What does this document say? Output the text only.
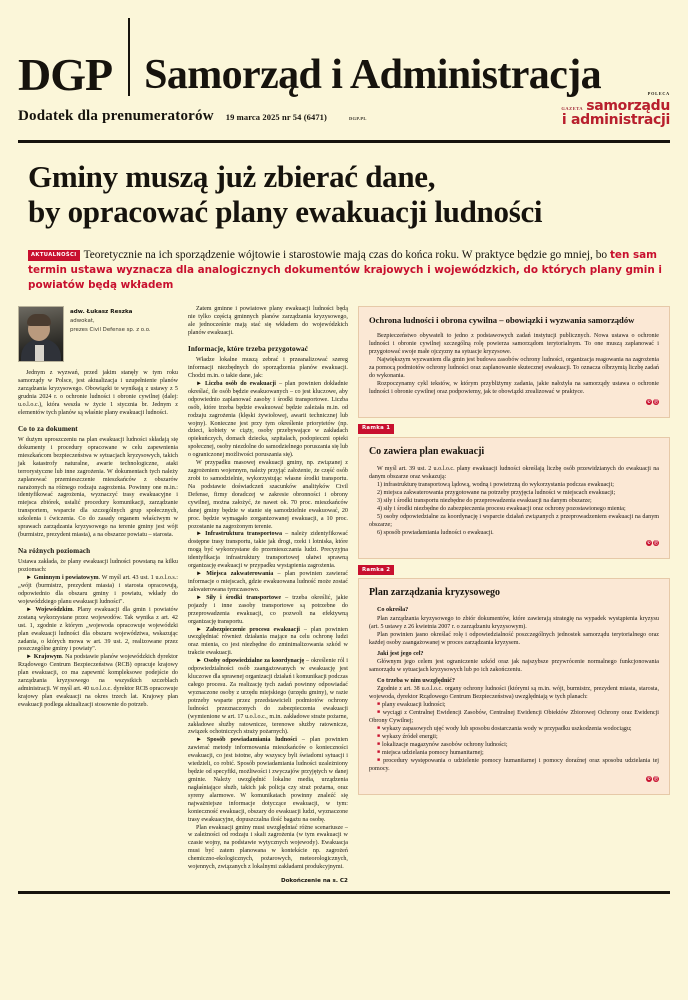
DGP Samorząd i Administracja
Dodatek dla prenumeratorów 19 marca 2025 nr 54 (6471)	DGP.PL
POLECA
GAZETA samorządu
i administracji
Gminy muszą już zbierać dane,
by opracować plany ewakuacji ludności
AKTUALNOŚCI Teoretycznie na ich sporządzenie wójtowie i starostowie mają czas do końca roku. W praktyce będzie go mniej, bo ten sam termin ustawa wyznacza dla analogicznych dokumentów krajowych i wojewódzkich, do których plany gmin i powiatów będą wkładem
adw. Łukasz Reszka
adwokat,
prezes Civil Defense sp. z o.o.

Jednym z wyzwań, przed jakim stanęły w tym roku samorządy w Polsce, jest aktualizacja i uzupełnienie planów zarządzania kryzysowego. Obowiązki te wynikają z ustawy z 5 grudnia 2024 r. o ochronie ludności i obronie cywilnej (dalej: u.o.l.o.c.), która weszła w życie 1 stycznia br. Jednym z elementów tych planów są właśnie plany ewakuacji ludności.

Co to za dokument

W dużym uproszczeniu na plan ewakuacji ludności składają się dokumenty i procedury opracowane w celu zapewnienia mieszkańcom bezpieczeństwa w sytuacjach kryzysowych, takich jak katastrofy naturalne, awarie technologiczne, ataki terrorystyczne lub inne zagrożenia. W dokumentach tych należy zaplanować przemieszczenie mieszkańców z obszarów narażonych na różnego rodzaju zagrożenia. Powinny one m.in.: identyfikować zagrożenia, wyznaczyć trasy ewakuacyjne i miejsca zbiórek, ustalić procedury komunikacji, zarządzanie transportem, wsparcie dla szczególnych grup społecznych, szkolenia i ćwiczenia. Co do zasady organem właściwym w sprawach zarządzania kryzysowego na terenie gminy jest wójt (burmistrz, prezydent miasta), a na obszarze powiatu – starosta.

Na różnych poziomach

Ustawa zakłada, że plany ewakuacji ludności powstaną na kilku poziomach:

► Gminnym i powiatowym. W myśl art. 43 ust. 1 u.o.l.o.s.: „wójt (burmistrz, prezydent miasta) i starosta opracowują, odpowiednio dla obszaru gminy i powiatu, wkłady do wojewódzkiego planu ewakuacji ludności".

► Wojewódzkim. Plany ewakuacji dla gmin i powiatów zostaną wykorzystane przez wojewodów. Tak wynika z art. 42 ust. 1, zgodnie z którym „wojewoda opracowuje wojewódzki plan ewakuacji ludności dla obszaru województwa, wskazując zadania, o których mowa w art. 39 ust. 2, realizowane przez poszczególne gminy i powiaty".

► Krajowym. Na podstawie planów wojewódzkich dyrektor Rządowego Centrum Bezpieczeństwa (RCB) opracuje krajowy plan ewakuacji, co ma zapewnić kompleksowe podejście do zarządzania kryzysowego na wszystkich szczeblach administracji. W myśl art. 40 u.o.l.o.c. dyrektor RCB opracowuje krajowy plan ewakuacji na okres trzech lat. Krajowy plan ewakuacji podlega aktualizacji stosownie do potrzeb.

Zatem gminne i powiatowe plany ewakuacji ludności będą nie tylko częścią gminnych planów zarządzania kryzysowego, ale jednocześnie mają stać się wkładem do wojewódzkich planów ewakuacji.

Informacje, które trzeba przygotować

Władze lokalne muszą zebrać i przeanalizować szereg informacji niezbędnych do sporządzenia planów ewakuacji. Chodzi m.in. o takie dane, jak:

► Liczba osób do ewakuacji – plan powinien dokładnie określać, ile osób będzie ewakuowanych – co jest kluczowe, aby odpowiednio zaplanować zasoby i środki transportowe. Liczba osób, które trzeba będzie ewakuować będzie zależała m.in. od rodzaju zagrożenia (klęski żywiołowej, awarii technicznej lub wojny). Konieczne jest przy tym określenie priorytetów (np. dzieci, kobiety w ciąży, osoby przebywające w zakładach opiekuńczych, domach dziecka, szpitalach, podopieczni opieki społecznej, osoby niezdolne do samodzielnego poruszania się lub o ograniczonej możliwości poruszania się).

W przypadku masowej ewakuacji gminy, np. związanej z zagrożeniem wojennym, należy przyjąć założenie, że część osób zrobi to samodzielnie, wykorzystując własne środki transportu. Na podstawie doświadczeń szacunków analityków Civil Defense, firmy doradczej w zakresie obronności i obrony cywilnej, można założyć, że nawet ok. 70 proc. mieszkańców danej gminy będzie w stanie się samodzielnie ewakuować, 20 proc. będzie wymagało zorganizowanej ewakuacji, a 10 proc. pozostanie na zagrożonym terenie.

► Infrastruktura transportowa – należy zidentyfikować dostępne trasy transportu, takie jak drogi, rzeki i lotniska, które mogą być wykorzystane do przemieszczania ludzi. Precyzyjna identyfikacja infrastruktury transportowej ułatwi sprawną organizację ewakuacji w przypadku wystąpienia zagrożenia.

► Miejsca zakwaterowania – plan powinien zawierać informacje o miejscach, gdzie ewakuowana ludność może zostać zakwaterowana tymczasowo.

► Siły i środki transportowe – trzeba określić, jakie pojazdy i inne zasoby transportowe są potrzebne do przeprowadzenia ewakuacji, co pozwoli na efektywną organizację transportu.

► Zabezpieczenie procesu ewakuacji – plan powinien uwzględniać również działania mające na celu ochronę ludzi oraz mienia, co jest niezbędne do zminimalizowania szkód w trakcie ewakuacji.

► Osoby odpowiedzialne za koordynację – określenie ról i odpowiedzialności osób zaangażowanych w ewakuację jest kluczowe dla sprawnej organizacji działań i komunikacji podczas całego procesu. Za realizację tych zadań powinny odpowiadać wyznaczone osoby z urzędu miejskiego (urzędu gminy), w razie potrzeby wsparte przez przedstawicieli podmiotów ochrony ludności przeznaczonych do zabezpieczenia ewakuacji (wymienione w art. 17 u.o.l.o.c., m.in. zakładowe straże pożarne, zakładowe służby ratownicze, terenowe służby ratownicze, związek ochotniczych straży pożarnych).

► Sposób powiadamiania ludności – plan powinien zawierać metody informowania mieszkańców o konieczności ewakuacji, co jest istotne, aby wszyscy byli świadomi sytuacji i wiedzieli, co robić. Sposób powiadamiania ludności uzależniony będzie od specyfiki, możliwości i zwyczajów przyjętych w danej gminie. Należy uwzględnić lokalne media, urządzenia nagłaśniające służb, takich jak policja czy straż pożarna, oraz syreny alarmowe. W komunikatach powinny znaleźć się najważniejsze informacje dotyczące ewakuacji, w tym: konieczność ewakuacji, obszary do ewakuacji ludzi, wyznaczone trasy ewakuacyjne, dopuszczalna ilość bagażu na osobę.

Plan ewakuacji gminy musi uwzględniać różne scenariusze – w zależności od rodzaju i skali zagrożenia (w tym ewakuacji w czasie wojny, na podstawie wytycznych wojewody). Ewakuacja musi być zatem planowana w kontekście np. zagrożeń chemiczno-ekologicznych, pożarowych, meteorologicznych, wojennych, związanych z lokalnymi zakładami produkcyjnymi.

Dokończenie na s. C2
Ochrona ludności i obrona cywilna – obowiązki i wyzwania samorządów

Bezpieczeństwo obywateli to jedno z podstawowych zadań instytucji publicznych. Nowa ustawa o ochronie ludności i obronie cywilnej szczególną rolę powierza samorządom terytorialnym. To one muszą zaplanować i przygotować swoje małe ojczyzny na sytuacje kryzysowe.

Największym wyzwaniem dla gmin jest budowa zasobów ochrony ludności, organizacja reagowania na zagrożenia za pomocą podmiotów ochrony ludności oraz zaplanowanie skutecznej ewakuacji. To oznacza olbrzymią liczbę zadań do wykonania.

Rozpoczynamy cykl tekstów, w którym przybliżymy zadania, jakie nałożyła na samorządy ustawa o ochronie ludności i obronie cywilnej oraz podpowiemy, jak te obowiązki zrealizować w praktyce.

© Ⓟ
Ramka 1
Co zawiera plan ewakuacji

W myśl art. 39 ust. 2 u.o.l.o.c. plany ewakuacji ludności określają liczbę osób przewidzianych do ewakuacji na danym obszarze oraz wskazują:

1) infrastrukturę transportową lądową, wodną i powietrzną do wykorzystania podczas ewakuacji;

2) miejsca zakwaterowania przygotowane na potrzeby przyjęcia ludności w miejscach ewakuacji;

3) siły i środki transportu niezbędne do przeprowadzenia ewakuacji na danym obszarze;

4) siły i środki niezbędne do zabezpieczenia procesu ewakuacji oraz ochrony pozostawionego mienia;

5) osoby odpowiedzialne za koordynację i wsparcie działań związanych z przeprowadzeniem ewakuacji na danym obszarze;

6) sposób powiadamiania ludności o ewakuacji.

© Ⓟ
Ramka 2
Plan zarządzania kryzysowego

Co określa?

Plan zarządzania kryzysowego to zbiór dokumentów, które zawierają strategię na wypadek wystąpienia kryzysu (art. 5 ustawy z 26 kwietnia 2007 r. o zarządzaniu kryzysowym).

Plan powinien jasno określać rolę i odpowiedzialność poszczególnych jednostek samorządu terytorialnego oraz każdej osoby zaangażowanej w proces zarządzania kryzysem.

Jaki jest jego cel?

Głównym jego celem jest ograniczenie szkód oraz jak najszybsze przywrócenie normalnego funkcjonowania samorządu w sytuacjach kryzysowych lub po ich zakończeniu.

Co trzeba w nim uwzględnić?

Zgodnie z art. 38 u.o.l.o.c. organy ochrony ludności (którymi są m.in. wójt, burmistrz, prezydent miasta, starosta, wojewoda, dyrektor Rządowego Centrum Bezpieczeństwa) uwzględniają w tych planach:

■ plany ewakuacji ludności;

■ wyciągi z Centralnej Ewidencji Zasobów, Centralnej Ewidencji Obiektów Zbiorowej Ochrony oraz Ewidencji Obrony Cywilnej;

■ wykazy zapasowych ujęć wody lub sposobu dostarczania wody w przypadku uszkodzenia wodociągu;

■ wykazy źródeł energii;

■ lokalizacje magazynów zasobów ochrony ludności;

■ miejsca udzielania pomocy humanitarnej;

■ procedury występowania o udzielenie pomocy humanitarnej i pomocy doraźnej oraz sposobu udzielania tej pomocy.

© Ⓟ
